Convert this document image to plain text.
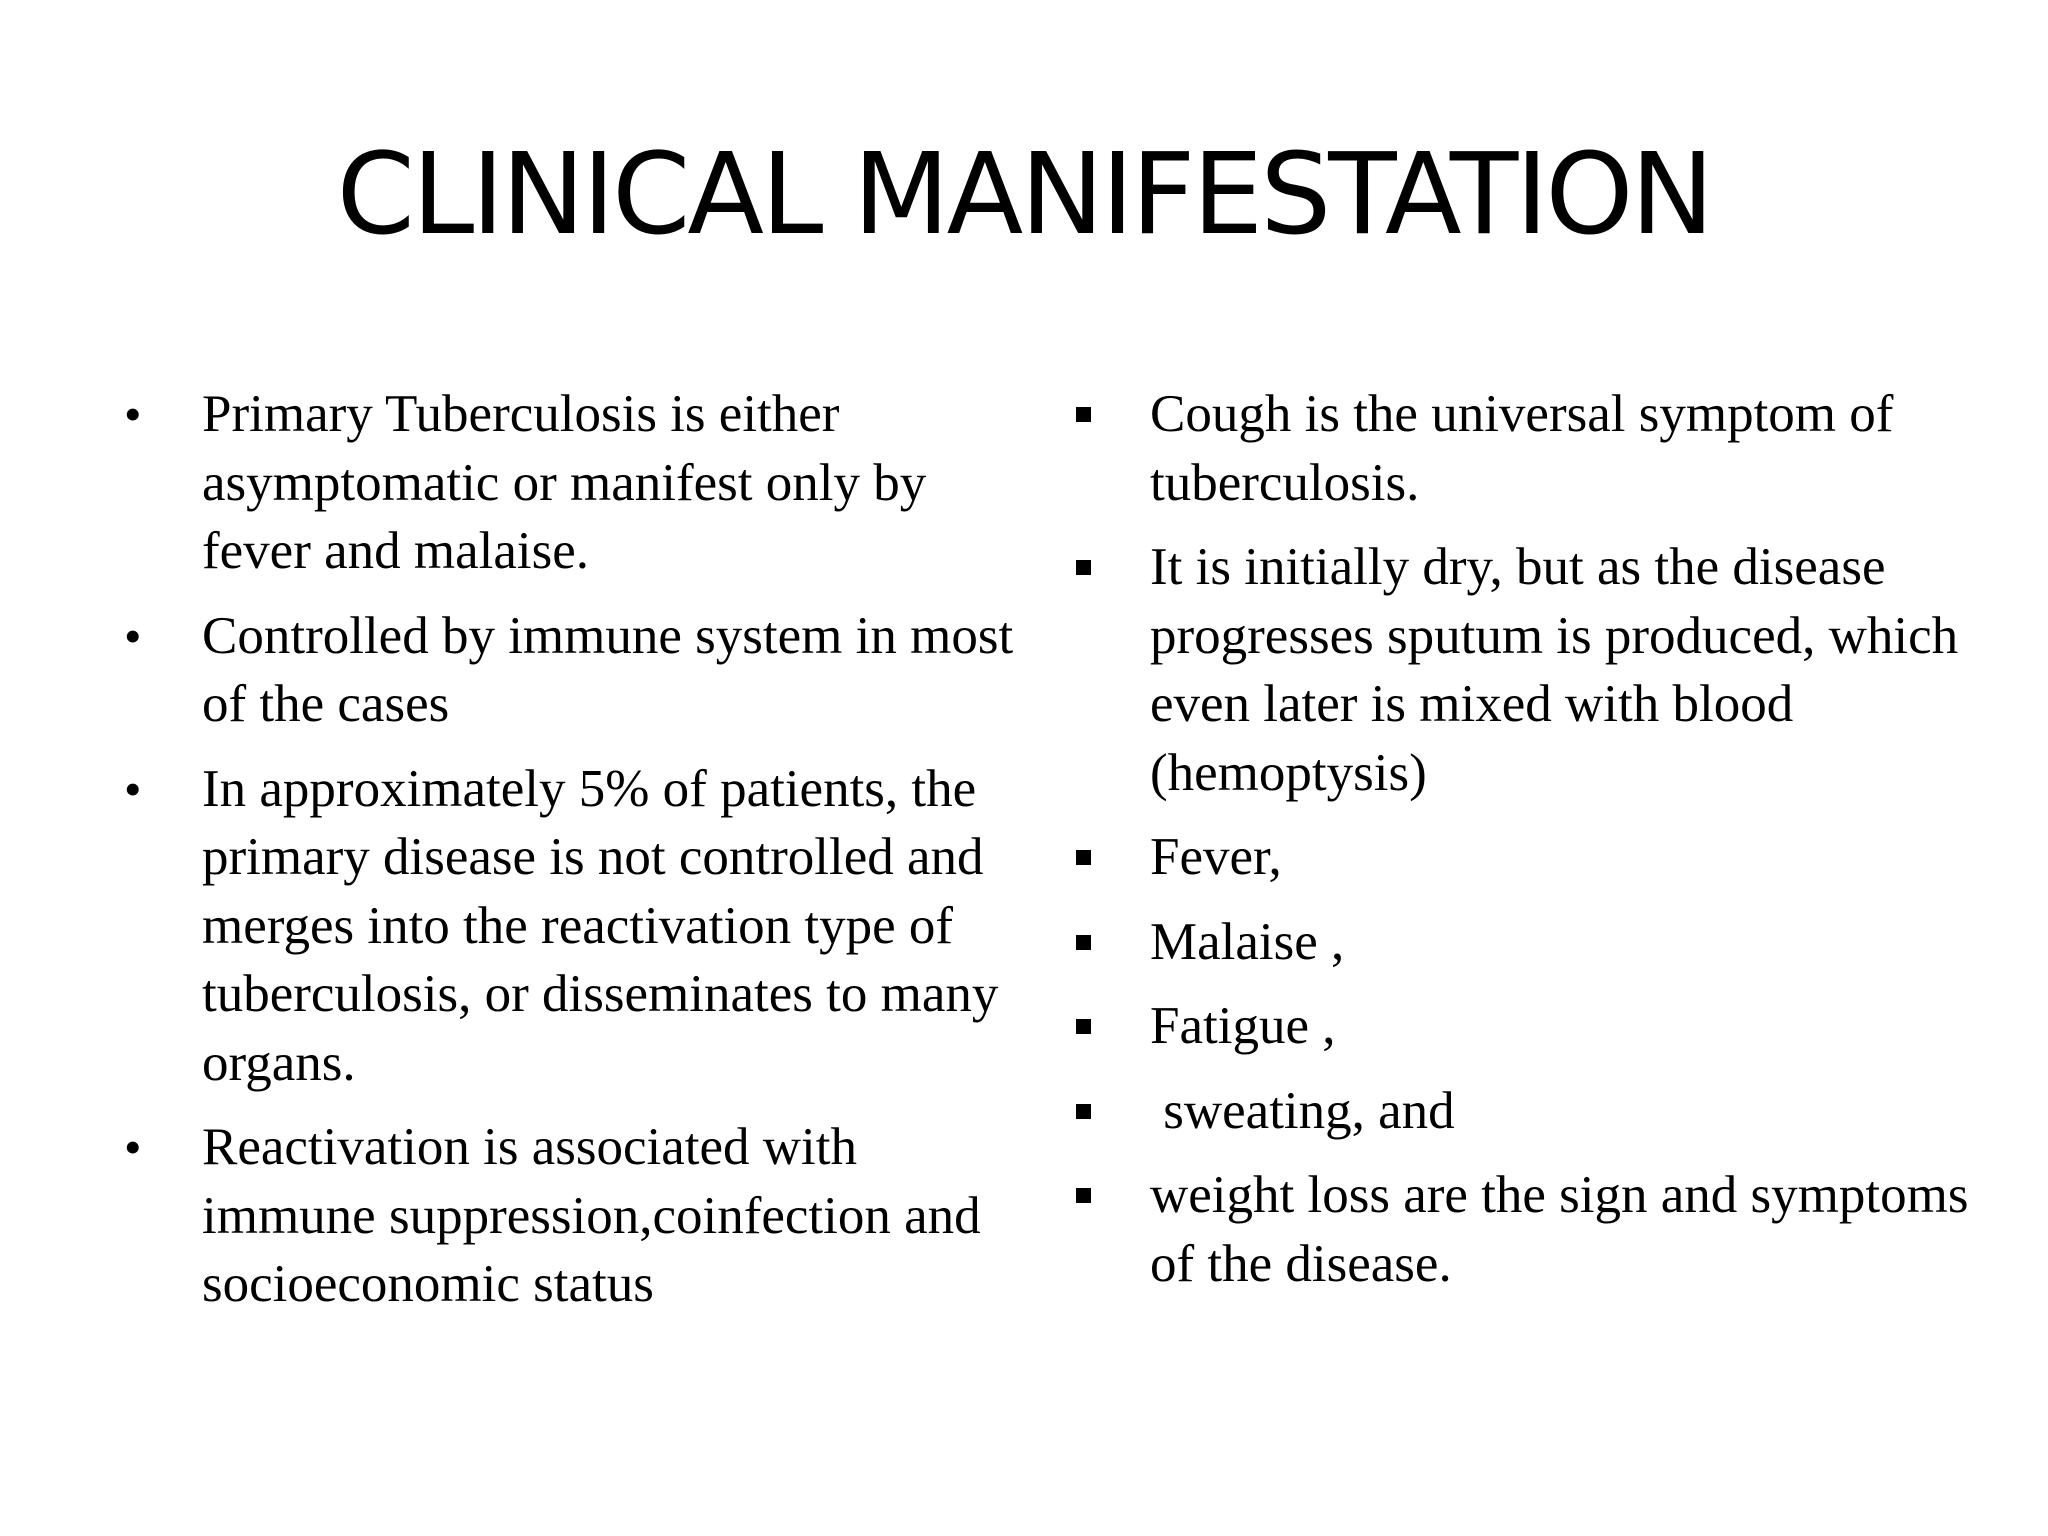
CLINICAL MANIFESTATION
• Primary Tuberculosis is either asymptomatic or manifest only by fever and malaise.
• Controlled by immune system in most of the cases
• In approximately 5% of patients, the primary disease is not controlled and merges into the reactivation type of tuberculosis, or disseminates to many organs.
• Reactivation is associated with immune suppression,coinfection and socioeconomic status
Cough is the universal symptom of tuberculosis.
It is initially dry, but as the disease progresses sputum is produced, which even later is mixed with blood (hemoptysis)
Fever,
Malaise ,
Fatigue ,
sweating, and
weight loss are the sign and symptoms of the disease.
